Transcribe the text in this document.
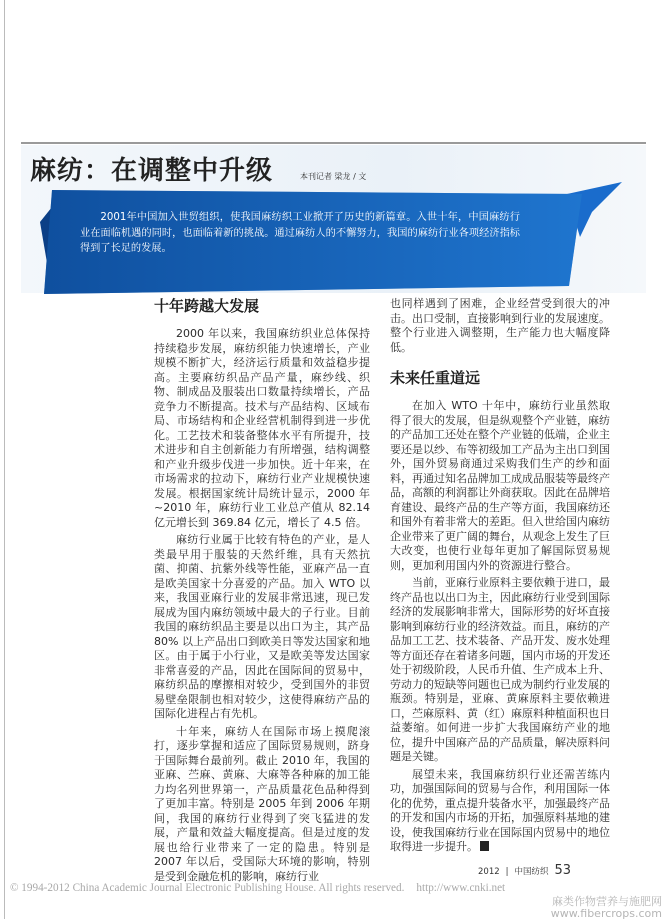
麻纺：在调整中升级	本刊记者 梁龙 / 文

2001年中国加入世贸组织，使我国麻纺织工业掀开了历史的新篇章。入世十年，中国麻纺行业在面临机遇的同时，也面临着新的挑战。通过麻纺人的不懈努力，我国的麻纺行业各项经济指标得到了长足的发展。

十年跨越大发展

2000 年以来，我国麻纺织业总体保持持续稳步发展，麻纺织能力快速增长，产业规模不断扩大，经济运行质量和效益稳步提高。主要麻纺织品产品产量，麻纱线、织物、制成品及服装出口数量持续增长，产品竞争力不断提高。技术与产品结构、区域布局、市场结构和企业经营机制得到进一步优化。工艺技术和装备整体水平有所提升，技术进步和自主创新能力有所增强，结构调整和产业升级步伐进一步加快。近十年来，在市场需求的拉动下，麻纺行业产业规模快速发展。根据国家统计局统计显示，2000 年 ~2010 年，麻纺行业工业总产值从 82.14 亿元增长到 369.84 亿元，增长了 4.5 倍。

麻纺行业属于比较有特色的产业，是人类最早用于服装的天然纤维，具有天然抗菌、抑菌、抗紫外线等性能，亚麻产品一直是欧美国家十分喜爱的产品。加入 WTO 以来，我国亚麻行业的发展非常迅速，现已发展成为国内麻纺领域中最大的子行业。目前我国的麻纺织品主要是以出口为主，其产品 80% 以上产品出口到欧美日等发达国家和地区。由于属于小行业，又是欧美等发达国家非常喜爱的产品，因此在国际间的贸易中，麻纺织品的摩擦相对较少，受到国外的非贸易壁垒限制也相对较少，这使得麻纺产品的国际化进程占有先机。

十年来，麻纺人在国际市场上摸爬滚打，逐步掌握和适应了国际贸易规则，跻身于国际舞台最前列。截止 2010 年，我国的亚麻、苎麻、黄麻、大麻等各种麻的加工能力均名列世界第一，产品质量花色品种得到了更加丰富。特别是 2005 年到 2006 年期间，我国的麻纺行业得到了突飞猛进的发展，产量和效益大幅度提高。但是过度的发展也给行业带来了一定的隐患。特别是 2007 年以后，受国际大环境的影响，特别是受到金融危机的影响，麻纺行业

也同样遇到了困难，企业经营受到很大的冲击。出口受制，直接影响到行业的发展速度。整个行业进入调整期，生产能力也大幅度降低。

未来任重道远

在加入 WTO 十年中，麻纺行业虽然取得了很大的发展，但是纵观整个产业链，麻纺的产品加工还处在整个产业链的低端，企业主要还是以纱、布等初级加工产品为主出口到国外，国外贸易商通过采购我们生产的纱和面料，再通过知名品牌加工成成品服装等最终产品，高额的利润都让外商获取。因此在品牌培育建设、最终产品的生产等方面，我国麻纺还和国外有着非常大的差距。但入世给国内麻纺企业带来了更广阔的舞台，从观念上发生了巨大改变，也使行业每年更加了解国际贸易规则，更加利用国内外的资源进行整合。

当前，亚麻行业原料主要依赖于进口，最终产品也以出口为主，因此麻纺行业受到国际经济的发展影响非常大，国际形势的好坏直接影响到麻纺行业的经济效益。而且，麻纺的产品加工工艺、技术装备、产品开发、废水处理等方面还存在着诸多问题，国内市场的开发还处于初级阶段，人民币升值、生产成本上升、劳动力的短缺等问题也已成为制约行业发展的瓶颈。特别是，亚麻、黄麻原料主要依赖进口，苎麻原料、黄（红）麻原料种植面积也日益萎缩。如何进一步扩大我国麻纺产业的地位，提升中国麻产品的产品质量，解决原料问题是关键。

展望未来，我国麻纺织行业还需苦练内功，加强国际间的贸易与合作，利用国际一体化的优势，重点提升装备水平，加强最终产品的开发和国内市场的开拓，加强原料基地的建设，使我国麻纺行业在国际国内贸易中的地位取得进一步提升。

2012 | 中国纺织 53
© 1994-2012 China Academic Journal Electronic Publishing House. All rights reserved. http://www.cnki.net
麻类作物营养与施肥网
www.fibercrops.com
